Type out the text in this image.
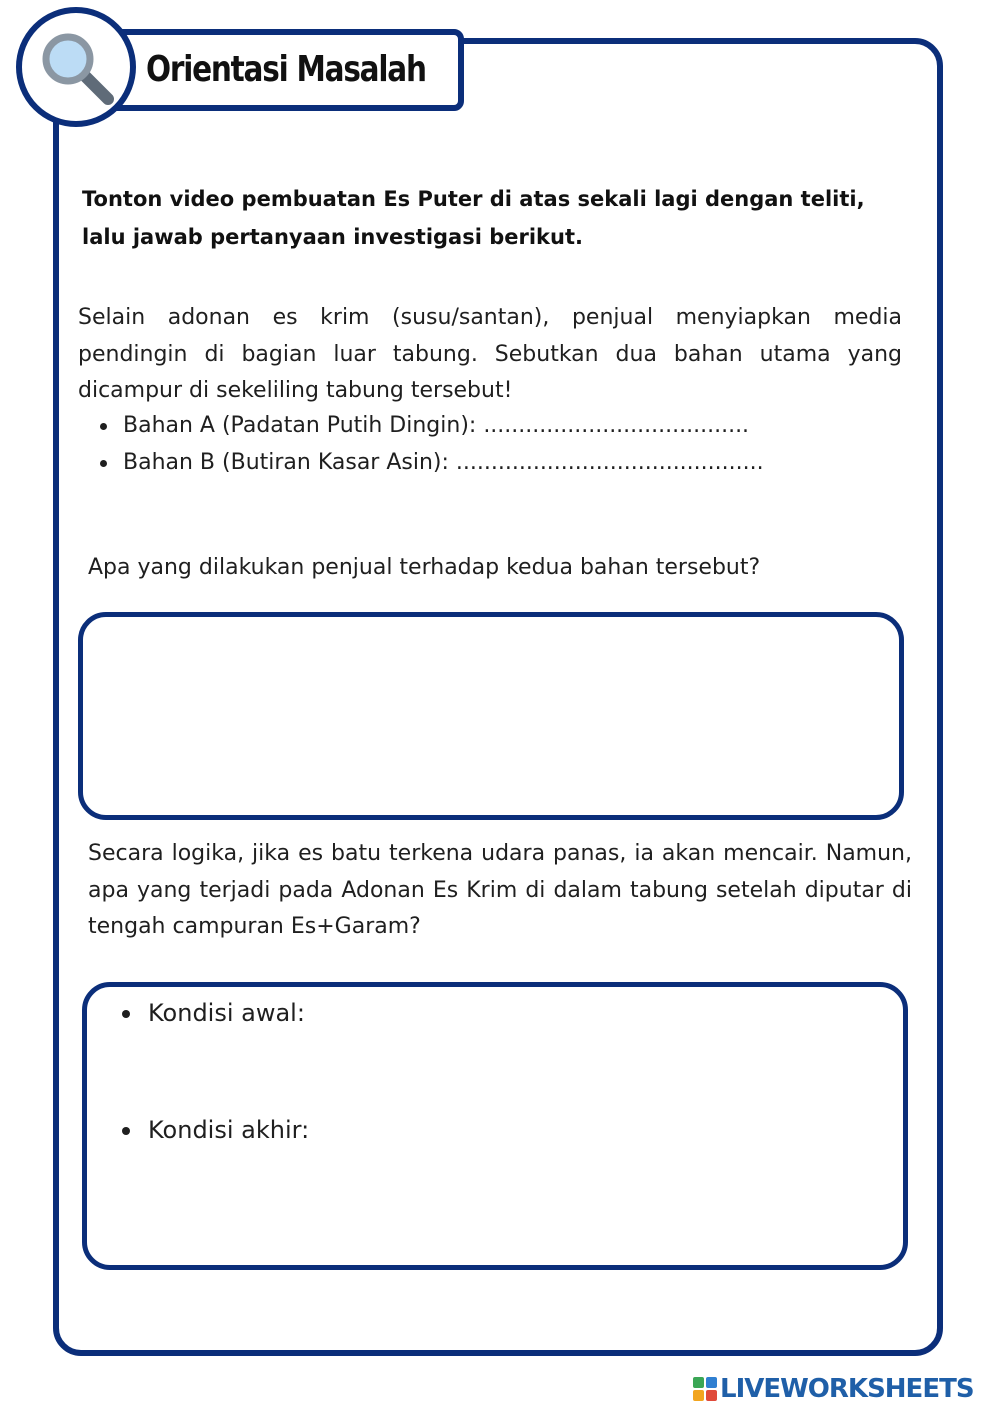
Orientasi Masalah
Tonton video pembuatan Es Puter di atas sekali lagi dengan teliti, lalu jawab pertanyaan investigasi berikut.
Selain adonan es krim (susu/santan), penjual menyiapkan media pendingin di bagian luar tabung. Sebutkan dua bahan utama yang dicampur di sekeliling tabung tersebut!
Bahan A (Padatan Putih Dingin): ......................................
Bahan B (Butiran Kasar Asin): ............................................
Apa yang dilakukan penjual terhadap kedua bahan tersebut?
Secara logika, jika es batu terkena udara panas, ia akan mencair. Namun, apa yang terjadi pada Adonan Es Krim di dalam tabung setelah diputar di tengah campuran Es+Garam?
Kondisi awal:
Kondisi akhir:
LIVEWORKSHEETS
